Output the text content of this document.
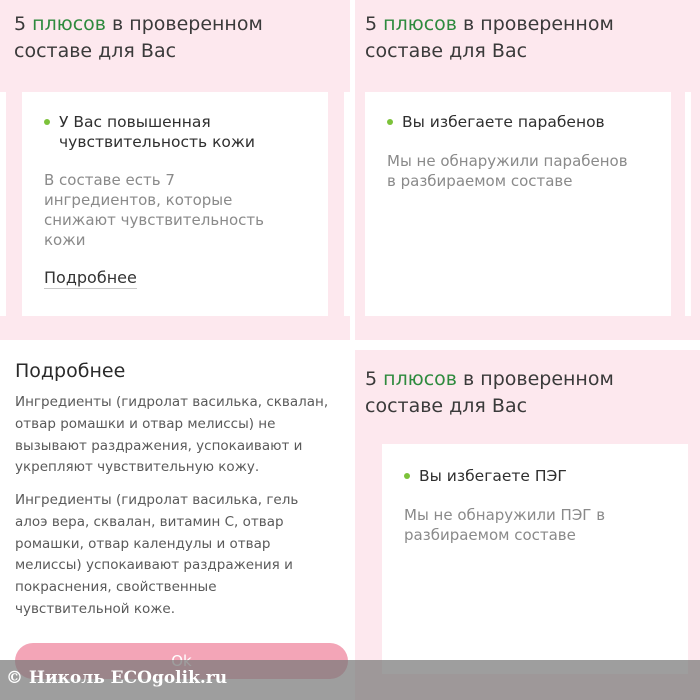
5 плюсов в проверенном
составе для Вас
У Вас повышенная чувствительность кожи
В составе есть 7 ингредиентов, которые снижают чувствительность кожи
Подробнее
5 плюсов в проверенном
составе для Вас
Вы избегаете парабенов
Мы не обнаружили парабенов в разбираемом составе
Подробнее
Ингредиенты (гидролат василька, сквалан, отвар ромашки и отвар мелиссы) не вызывают раздражения, успокаивают и укрепляют чувствительную кожу.
Ингредиенты (гидролат василька, гель алоэ вера, сквалан, витамин С, отвар ромашки, отвар календулы и отвар мелиссы) успокаивают раздражения и покраснения, свойственные чувствительной коже.
5 плюсов в проверенном
составе для Вас
Вы избегаете ПЭГ
Мы не обнаружили ПЭГ в разбираемом составе
© Николь ECOgolik.ru
